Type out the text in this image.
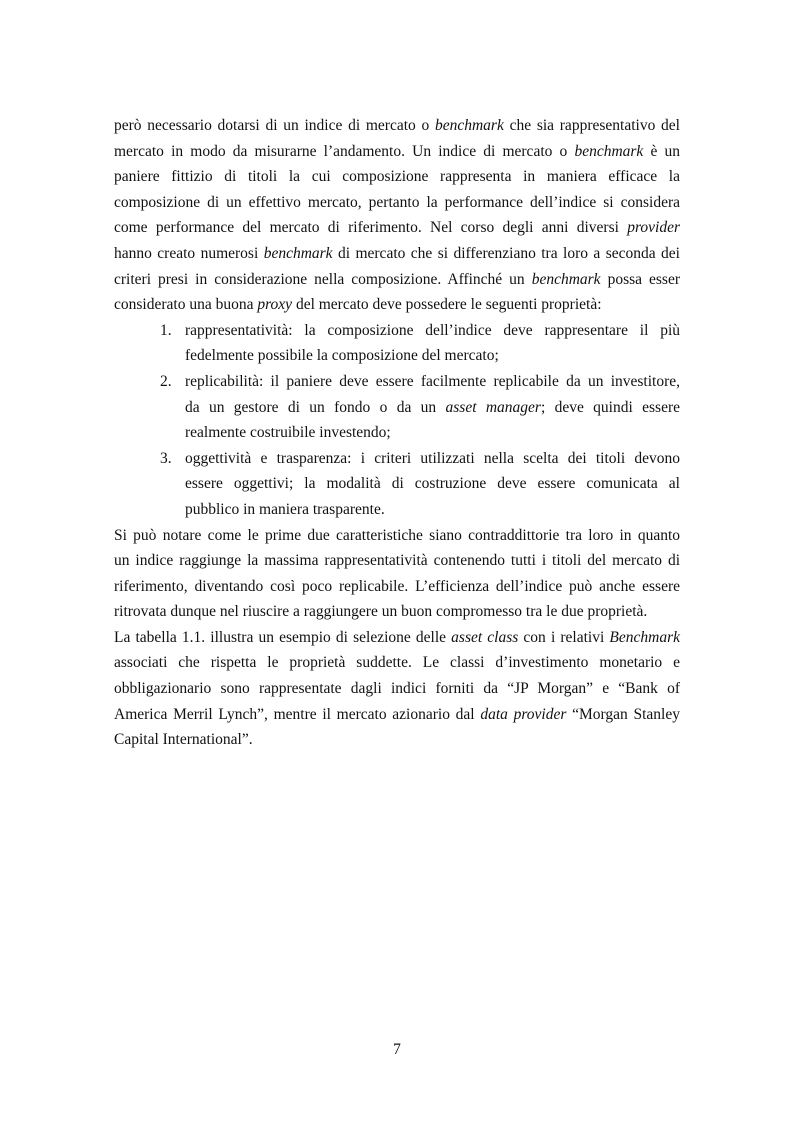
però necessario dotarsi di un indice di mercato o benchmark che sia rappresentativo del
mercato in modo da misurarne l’andamento. Un indice di mercato o benchmark è un
paniere fittizio di titoli la cui composizione rappresenta in maniera efficace la
composizione di un effettivo mercato, pertanto la performance dell’indice si considera
come performance del mercato di riferimento. Nel corso degli anni diversi provider
hanno creato numerosi benchmark di mercato che si differenziano tra loro a seconda dei
criteri presi in considerazione nella composizione. Affinché un benchmark possa esser
considerato una buona proxy del mercato deve possedere le seguenti proprietà:
1. rappresentatività: la composizione dell’indice deve rappresentare il più
fedelmente possibile la composizione del mercato;
2. replicabilità: il paniere deve essere facilmente replicabile da un investitore,
da un gestore di un fondo o da un asset manager; deve quindi essere
realmente costruibile investendo;
3. oggettività e trasparenza: i criteri utilizzati nella scelta dei titoli devono
essere oggettivi; la modalità di costruzione deve essere comunicata al
pubblico in maniera trasparente.
Si può notare come le prime due caratteristiche siano contraddittorie tra loro in quanto
un indice raggiunge la massima rappresentatività contenendo tutti i titoli del mercato di
riferimento, diventando così poco replicabile. L’efficienza dell’indice può anche essere
ritrovata dunque nel riuscire a raggiungere un buon compromesso tra le due proprietà.
La tabella 1.1. illustra un esempio di selezione delle asset class con i relativi Benchmark
associati che rispetta le proprietà suddette. Le classi d’investimento monetario e
obbligazionario sono rappresentate dagli indici forniti da “JP Morgan” e “Bank of
America Merril Lynch”, mentre il mercato azionario dal data provider “Morgan Stanley
Capital International”.
7
